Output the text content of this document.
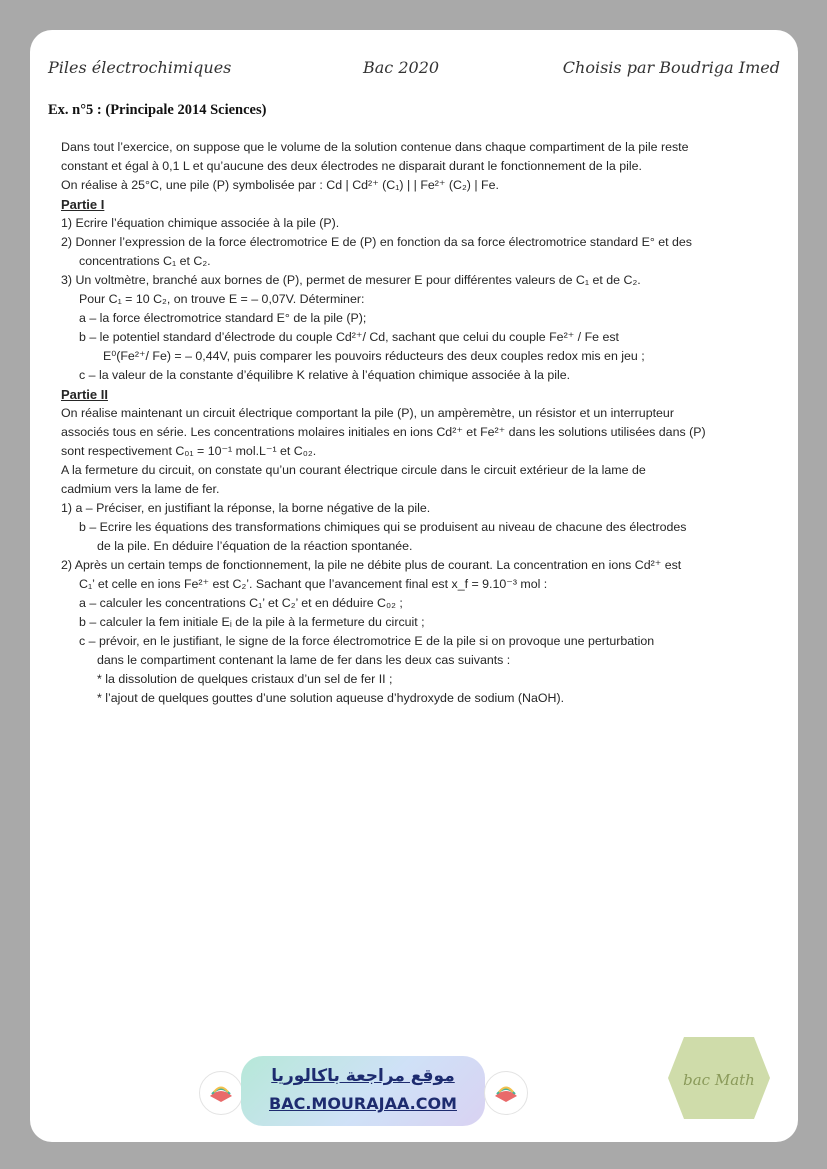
Piles électrochimiques	Bac 2020	Choisis par Boudriga Imed
Ex. n°5 : (Principale 2014 Sciences)

Dans tout l’exercice, on suppose que le volume de la solution contenue dans chaque compartiment de la pile reste

constant et égal à 0,1 L et qu’aucune des deux électrodes ne disparait durant le fonctionnement de la pile.

On réalise à 25°C, une pile (P) symbolisée par : Cd | Cd²⁺ (C₁) | | Fe²⁺ (C₂) | Fe.

Partie I

1) Ecrire l’équation chimique associée à la pile (P).

2) Donner l’expression de la force électromotrice E de (P) en fonction da sa force électromotrice standard E° et des

concentrations C₁ et C₂.

3) Un voltmètre, branché aux bornes de (P), permet de mesurer E pour différentes valeurs de C₁ et de C₂.

Pour C₁ = 10 C₂, on trouve E = – 0,07V. Déterminer:

a – la force électromotrice standard E° de la pile (P);

b – le potentiel standard d’électrode du couple Cd²⁺/ Cd, sachant que celui du couple Fe²⁺ / Fe est

E⁰(Fe²⁺/ Fe) = – 0,44V, puis comparer les pouvoirs réducteurs des deux couples redox mis en jeu ;

c – la valeur de la constante d’équilibre K relative à l’équation chimique associée à la pile.

Partie II

On réalise maintenant un circuit électrique comportant la pile (P), un ampèremètre, un résistor et un interrupteur

associés tous en série. Les concentrations molaires initiales en ions Cd²⁺ et Fe²⁺ dans les solutions utilisées dans (P)

sont respectivement C₀₁ = 10⁻¹ mol.L⁻¹ et C₀₂.

A la fermeture du circuit, on constate qu’un courant électrique circule dans le circuit extérieur de la lame de

cadmium vers la lame de fer.

1) a – Préciser, en justifiant la réponse, la borne négative de la pile.

b – Ecrire les équations des transformations chimiques qui se produisent au niveau de chacune des électrodes

de la pile. En déduire l’équation de la réaction spontanée.

2) Après un certain temps de fonctionnement, la pile ne débite plus de courant. La concentration en ions Cd²⁺ est

C₁’ et celle en ions Fe²⁺ est C₂’. Sachant que l’avancement final est x_f = 9.10⁻³ mol :

a – calculer les concentrations C₁’ et C₂’ et en déduire C₀₂ ;

b – calculer la fem initiale Eᵢ de la pile à la fermeture du circuit ;

c – prévoir, en le justifiant, le signe de la force électromotrice E de la pile si on provoque une perturbation

dans le compartiment contenant la lame de fer dans les deux cas suivants :

* la dissolution de quelques cristaux d’un sel de fer II ;

* l’ajout de quelques gouttes d’une solution aqueuse d’hydroxyde de sodium (NaOH).

موقع مراجعة باكالوريا
BAC.MOURAJAA.COM
bac Math
